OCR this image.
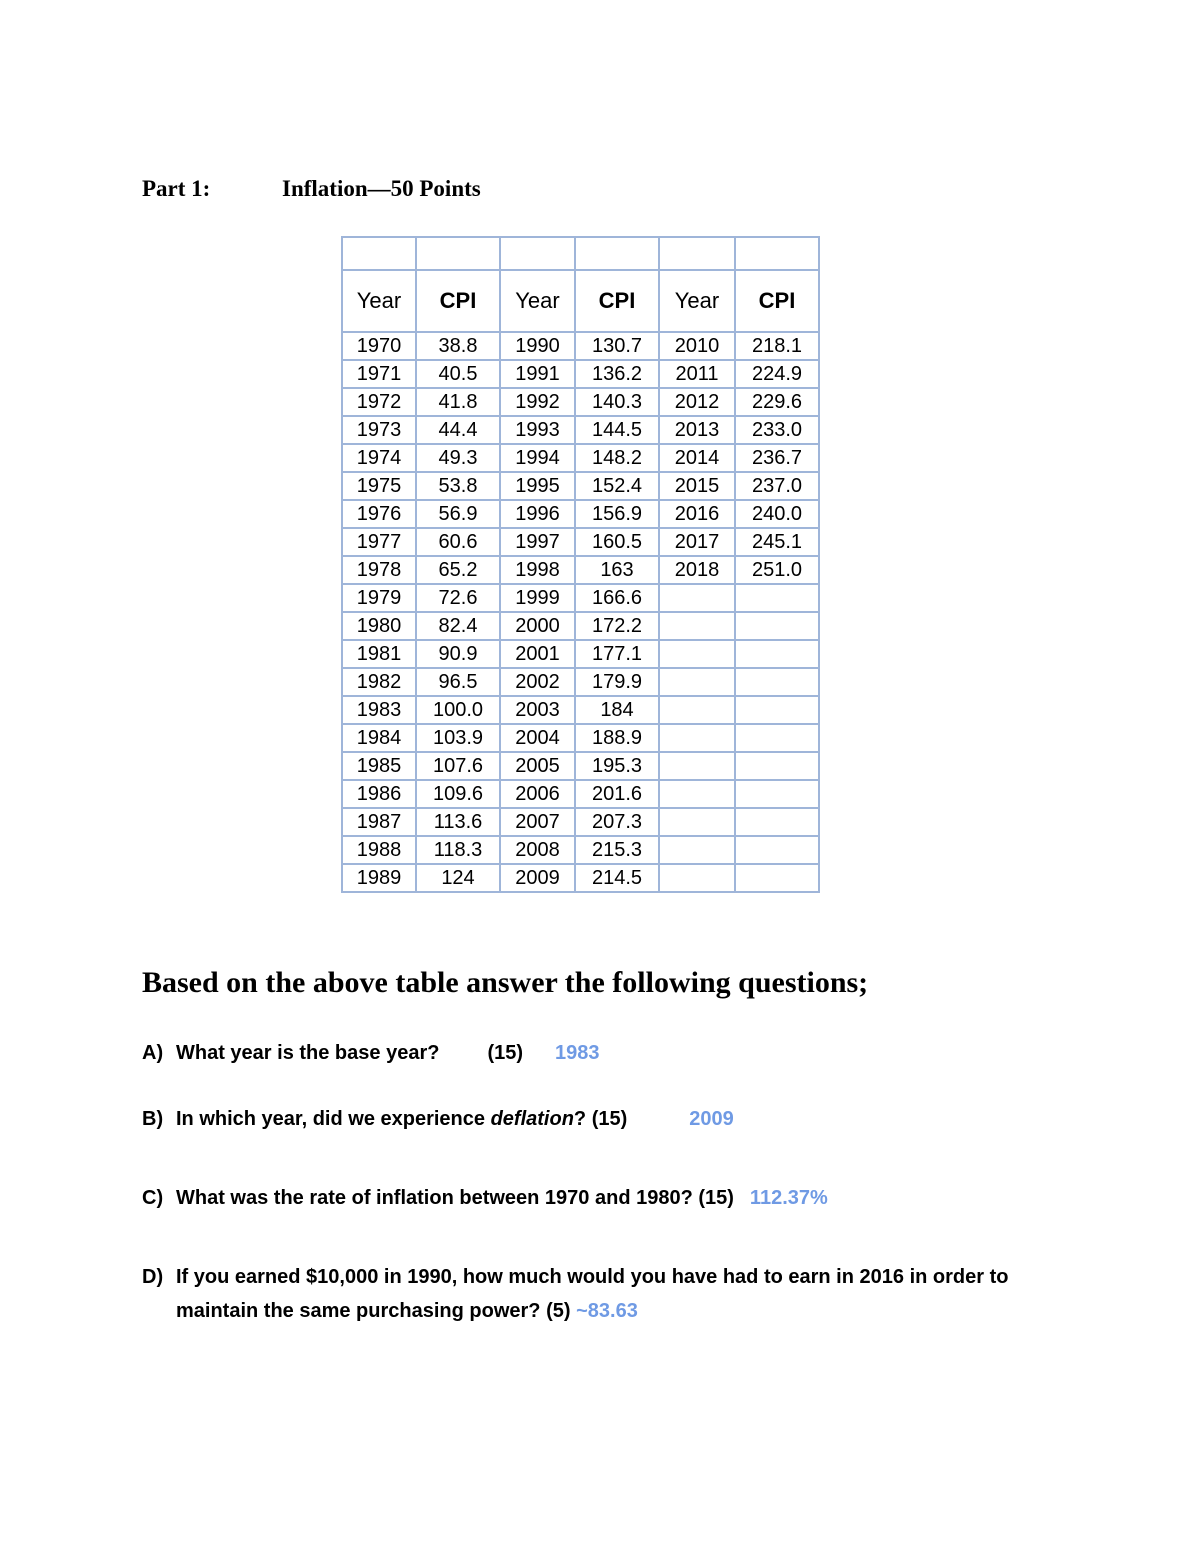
Part 1:	Inflation—50 Points

Year	CPI	Year	CPI	Year	CPI
1970	38.8	1990	130.7	2010	218.1
1971	40.5	1991	136.2	2011	224.9
1972	41.8	1992	140.3	2012	229.6
1973	44.4	1993	144.5	2013	233.0
1974	49.3	1994	148.2	2014	236.7
1975	53.8	1995	152.4	2015	237.0
1976	56.9	1996	156.9	2016	240.0
1977	60.6	1997	160.5	2017	245.1
1978	65.2	1998	163	2018	251.0
1979	72.6	1999	166.6		
1980	82.4	2000	172.2		
1981	90.9	2001	177.1		
1982	96.5	2002	179.9		
1983	100.0	2003	184		
1984	103.9	2004	188.9		
1985	107.6	2005	195.3		
1986	109.6	2006	201.6		
1987	113.6	2007	207.3		
1988	118.3	2008	215.3		
1989	124	2009	214.5		
Based on the above table answer the following questions;
A) What year is the base year? (15) 1983
B) In which year, did we experience deflation? (15)	2009
C) What was the rate of inflation between 1970 and 1980? (15) 112.37%
D) If you earned $10,000 in 1990, how much would you have had to earn in 2016 in order to
maintain the same purchasing power? (5) ~83.63
